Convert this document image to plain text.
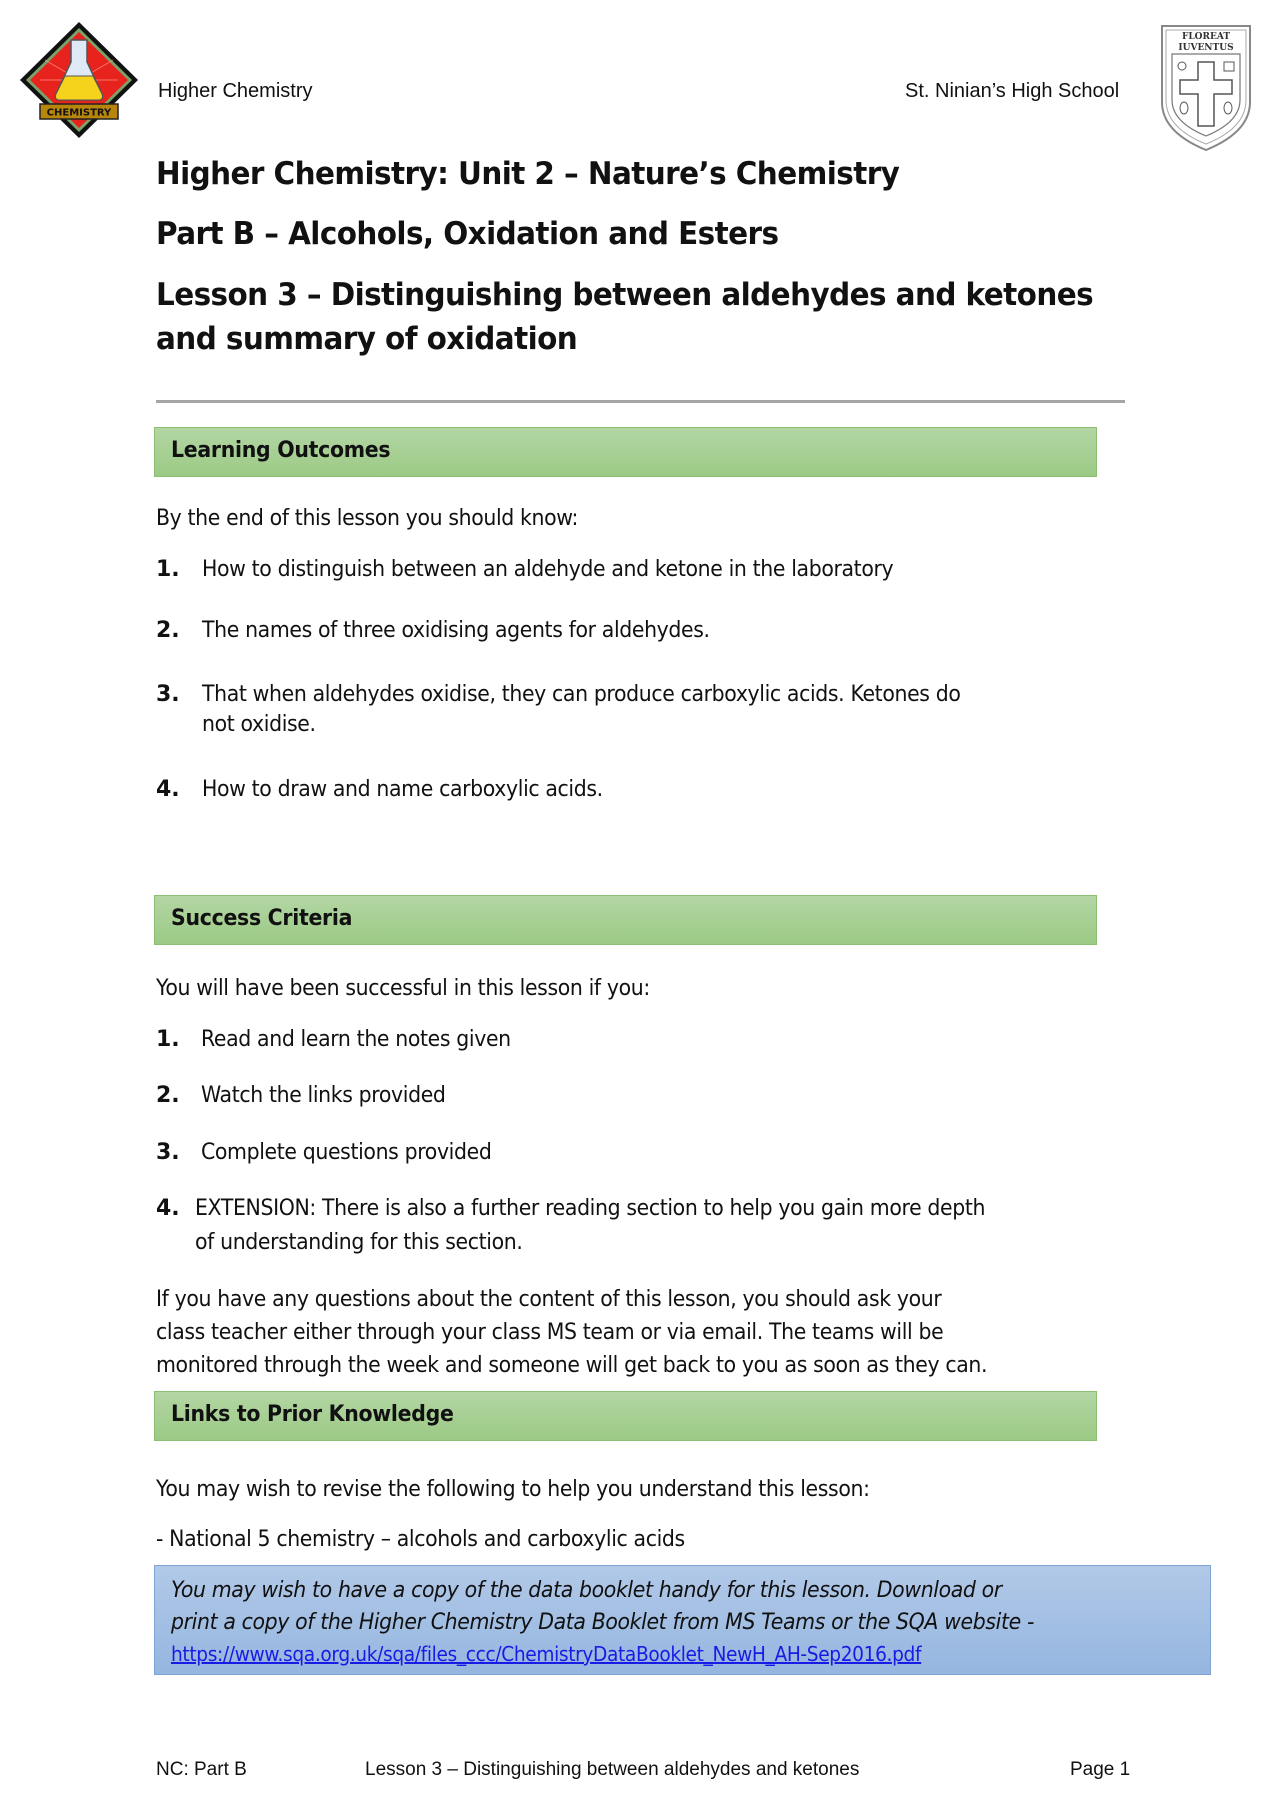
CHEMISTRY
Higher Chemistry	St. Ninian’s High School
FLOREAT
IUVENTUS
Higher Chemistry: Unit 2 – Nature’s Chemistry
Part B – Alcohols, Oxidation and Esters
Lesson 3 – Distinguishing between aldehydes and ketones
and summary of oxidation
Learning Outcomes
By the end of this lesson you should know:
1. How to distinguish between an aldehyde and ketone in the laboratory
2. The names of three oxidising agents for aldehydes.
3. That when aldehydes oxidise, they can produce carboxylic acids. Ketones do
not oxidise.
4. How to draw and name carboxylic acids.
Success Criteria
You will have been successful in this lesson if you:
1. Read and learn the notes given
2. Watch the links provided
3. Complete questions provided
4. EXTENSION: There is also a further reading section to help you gain more depth
of understanding for this section.
If you have any questions about the content of this lesson, you should ask your
class teacher either through your class MS team or via email. The teams will be
monitored through the week and someone will get back to you as soon as they can.
Links to Prior Knowledge
You may wish to revise the following to help you understand this lesson:
- National 5 chemistry – alcohols and carboxylic acids
You may wish to have a copy of the data booklet handy for this lesson. Download or
print a copy of the Higher Chemistry Data Booklet from MS Teams or the SQA website -
https://www.sqa.org.uk/sqa/files_ccc/ChemistryDataBooklet_NewH_AH-Sep2016.pdf
NC: Part B	Lesson 3 – Distinguishing between aldehydes and ketones	Page 1
